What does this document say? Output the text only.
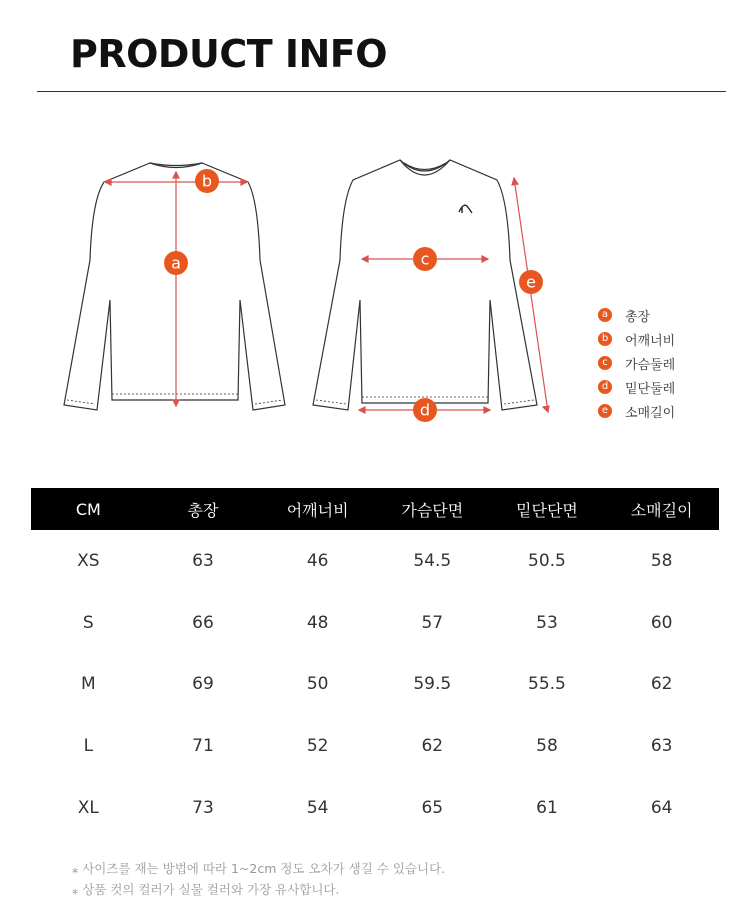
PRODUCT INFO
a
b
c
d
e
a	총장
b 어깨너비
c	가슴둘레
d 밑단둘레
e	소매길이
CM	총장	어깨너비	가슴단면	밑단단면	소매길이
XS	63	46	54.5	50.5	58
S	66	48	57	53	60
M	69	50	59.5	55.5	62
L	71	52	62	58	63
XL	73	54	65	61	64
⁎ 사이즈를 재는 방법에 따라 1~2cm 정도 오차가 생길 수 있습니다.
⁎ 상품 컷의 컬러가 실물 컬러와 가장 유사합니다.
